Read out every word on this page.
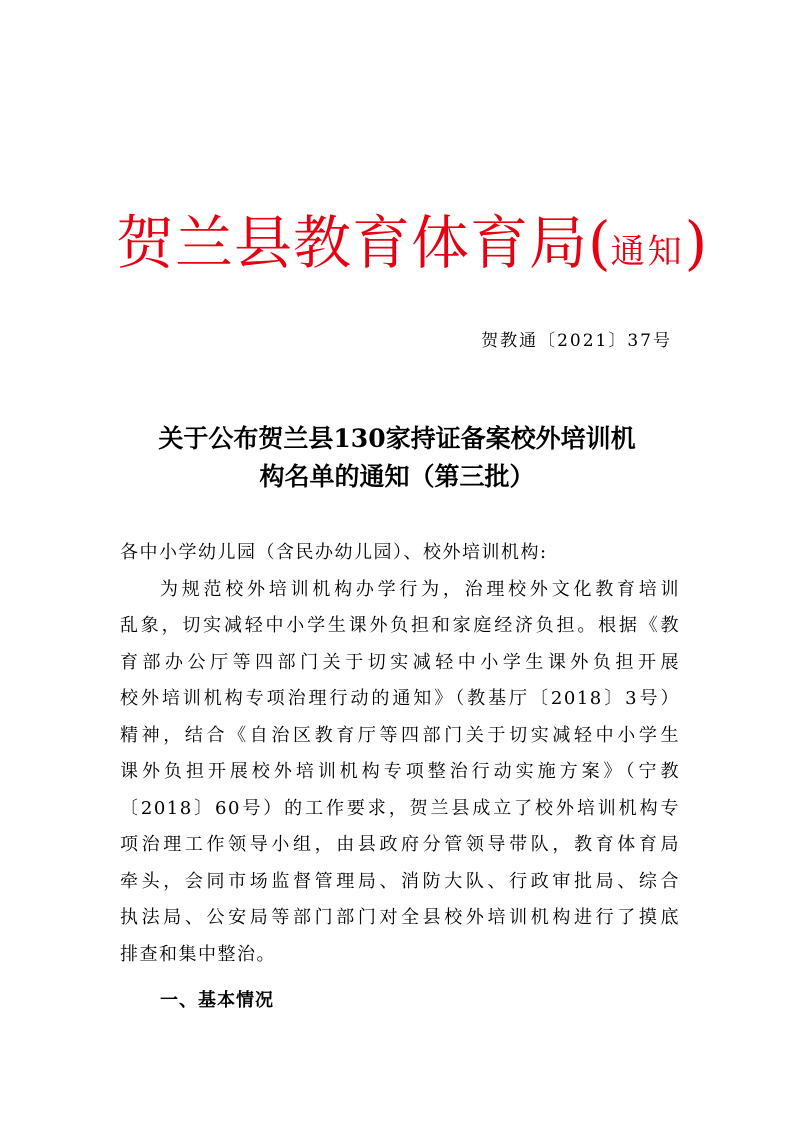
贺兰县教育体育局(通知)
贺教通〔2021〕37号
关于公布贺兰县130家持证备案校外培训机
构名单的通知（第三批）

各中小学幼儿园（含民办幼儿园）、校外培训机构:

为规范校外培训机构办学行为，治理校外文化教育培训
乱象，切实减轻中小学生课外负担和家庭经济负担。根据《教
育部办公厅等四部门关于切实减轻中小学生课外负担开展
校外培训机构专项治理行动的通知》（教基厅〔2018〕3号）
精神，结合《自治区教育厅等四部门关于切实减轻中小学生
课外负担开展校外培训机构专项整治行动实施方案》（宁教
〔2018〕60号）的工作要求，贺兰县成立了校外培训机构专
项治理工作领导小组，由县政府分管领导带队，教育体育局
牵头，会同市场监督管理局、消防大队、行政审批局、综合
执法局、公安局等部门部门对全县校外培训机构进行了摸底
排查和集中整治。

一、基本情况
